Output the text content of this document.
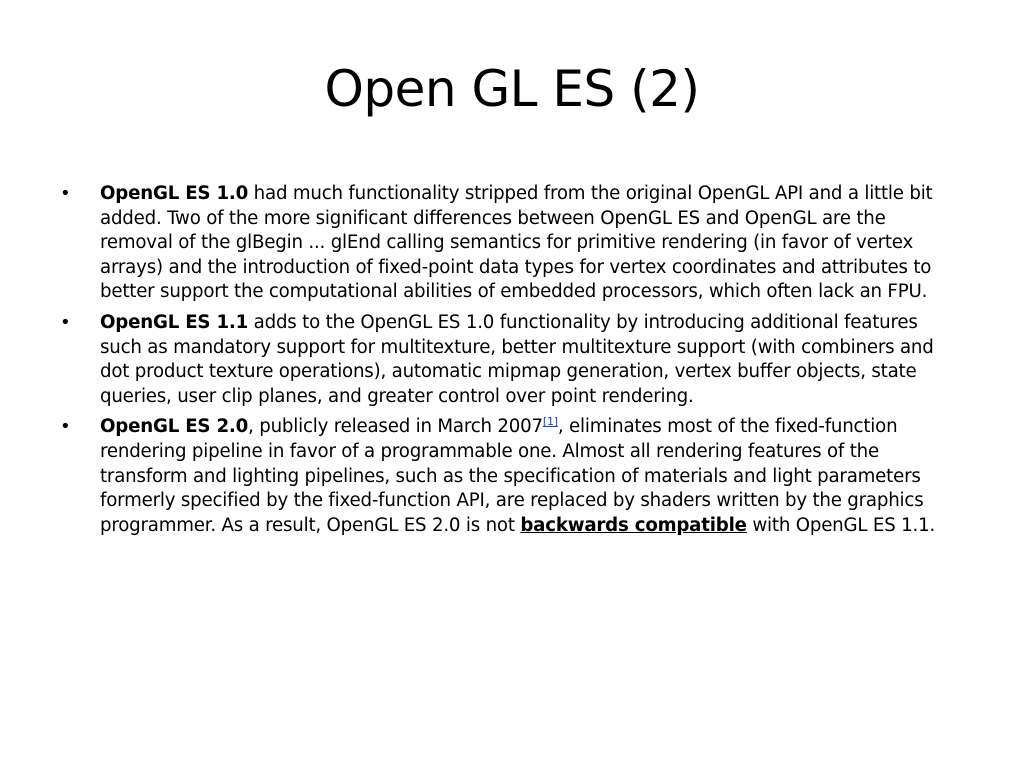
Open GL ES (2)
• OpenGL ES 1.0 had much functionality stripped from the original OpenGL API and a little bit added. Two of the more significant differences between OpenGL ES and OpenGL are the removal of the glBegin ... glEnd calling semantics for primitive rendering (in favor of vertex arrays) and the introduction of fixed-point data types for vertex coordinates and attributes to better support the computational abilities of embedded processors, which often lack an FPU.
• OpenGL ES 1.1 adds to the OpenGL ES 1.0 functionality by introducing additional features such as mandatory support for multitexture, better multitexture support (with combiners and dot product texture operations), automatic mipmap generation, vertex buffer objects, state queries, user clip planes, and greater control over point rendering.
• OpenGL ES 2.0, publicly released in March 2007[1], eliminates most of the fixed-function rendering pipeline in favor of a programmable one. Almost all rendering features of the transform and lighting pipelines, such as the specification of materials and light parameters formerly specified by the fixed-function API, are replaced by shaders written by the graphics programmer. As a result, OpenGL ES 2.0 is not backwards compatible with OpenGL ES 1.1.
